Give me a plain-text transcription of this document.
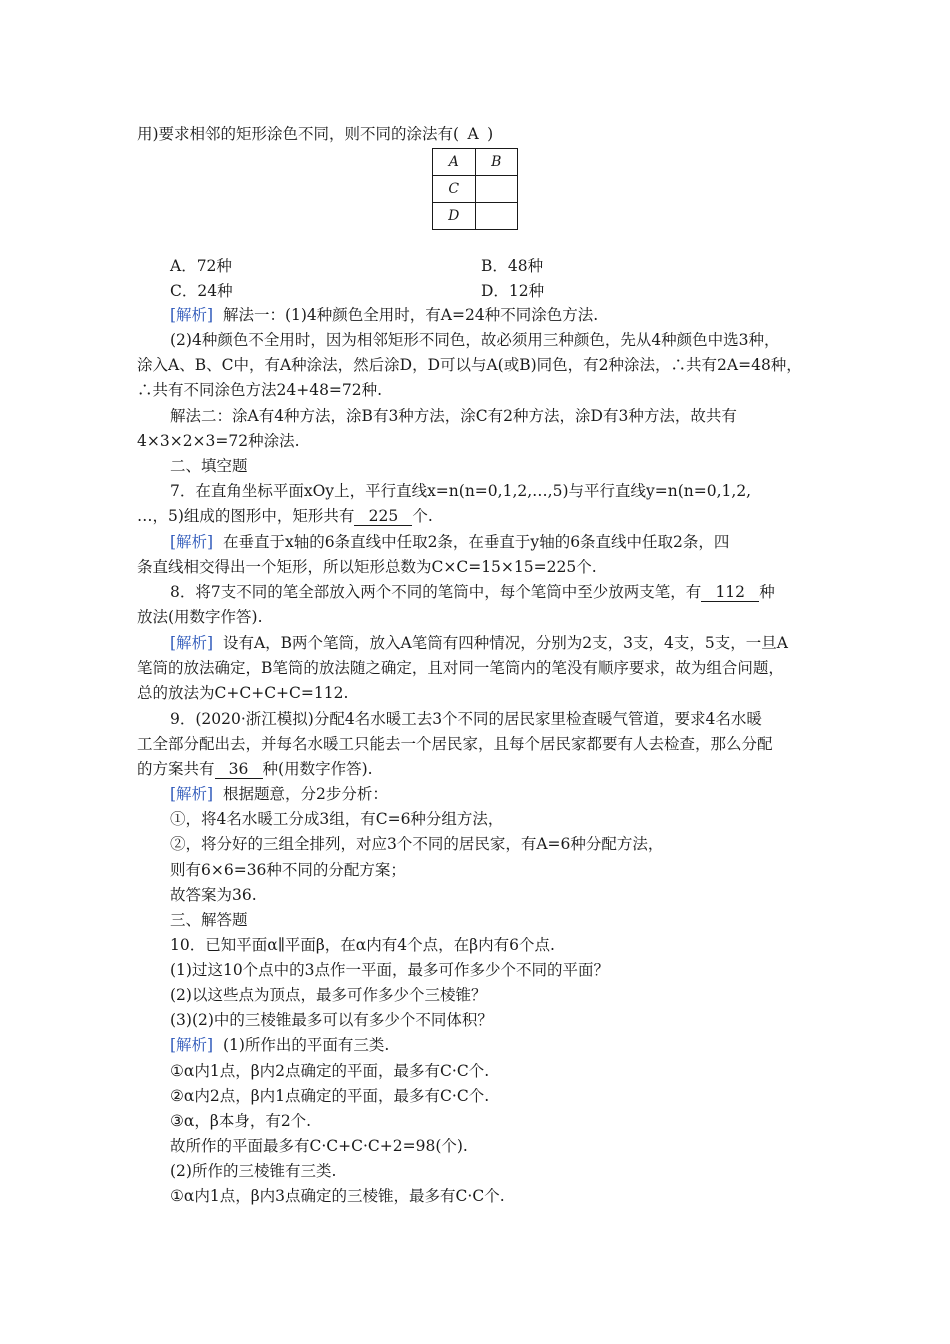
用)要求相邻的矩形涂色不同，则不同的涂法有( A )
A	B
C	
D	
A．72种	B．48种
C．24种	D．12种
[解析] 解法一：(1)4种颜色全用时，有A=24种不同涂色方法.
(2)4种颜色不全用时，因为相邻矩形不同色，故必须用三种颜色，先从4种颜色中选3种，
涂入A、B、C中，有A种涂法，然后涂D，D可以与A(或B)同色，有2种涂法，∴共有2A=48种，
∴共有不同涂色方法24+48=72种.
解法二：涂A有4种方法，涂B有3种方法，涂C有2种方法，涂D有3种方法，故共有
4×3×2×3=72种涂法.
二、填空题
7．在直角坐标平面xOy上，平行直线x=n(n=0,1,2,…,5)与平行直线y=n(n=0,1,2,
…，5)组成的图形中，矩形共有 225 个.
[解析] 在垂直于x轴的6条直线中任取2条，在垂直于y轴的6条直线中任取2条，四
条直线相交得出一个矩形，所以矩形总数为C×C=15×15=225个.
8．将7支不同的笔全部放入两个不同的笔筒中，每个笔筒中至少放两支笔，有 112 种
放法(用数字作答).
[解析] 设有A，B两个笔筒，放入A笔筒有四种情况，分别为2支，3支，4支，5支，一旦A
笔筒的放法确定，B笔筒的放法随之确定，且对同一笔筒内的笔没有顺序要求，故为组合问题，
总的放法为C+C+C+C=112.
9．(2020·浙江模拟)分配4名水暖工去3个不同的居民家里检查暖气管道，要求4名水暖
工全部分配出去，并每名水暖工只能去一个居民家，且每个居民家都要有人去检查，那么分配
的方案共有 36 种(用数字作答).
[解析] 根据题意，分2步分析：
①，将4名水暖工分成3组，有C=6种分组方法，
②，将分好的三组全排列，对应3个不同的居民家，有A=6种分配方法，
则有6×6=36种不同的分配方案；
故答案为36.
三、解答题
10．已知平面α∥平面β，在α内有4个点，在β内有6个点.
(1)过这10个点中的3点作一平面，最多可作多少个不同的平面？
(2)以这些点为顶点，最多可作多少个三棱锥？
(3)(2)中的三棱锥最多可以有多少个不同体积？
[解析] (1)所作出的平面有三类.
①α内1点，β内2点确定的平面，最多有C·C个.
②α内2点，β内1点确定的平面，最多有C·C个.
③α，β本身，有2个.
故所作的平面最多有C·C+C·C+2=98(个).
(2)所作的三棱锥有三类.
①α内1点，β内3点确定的三棱锥，最多有C·C个.
